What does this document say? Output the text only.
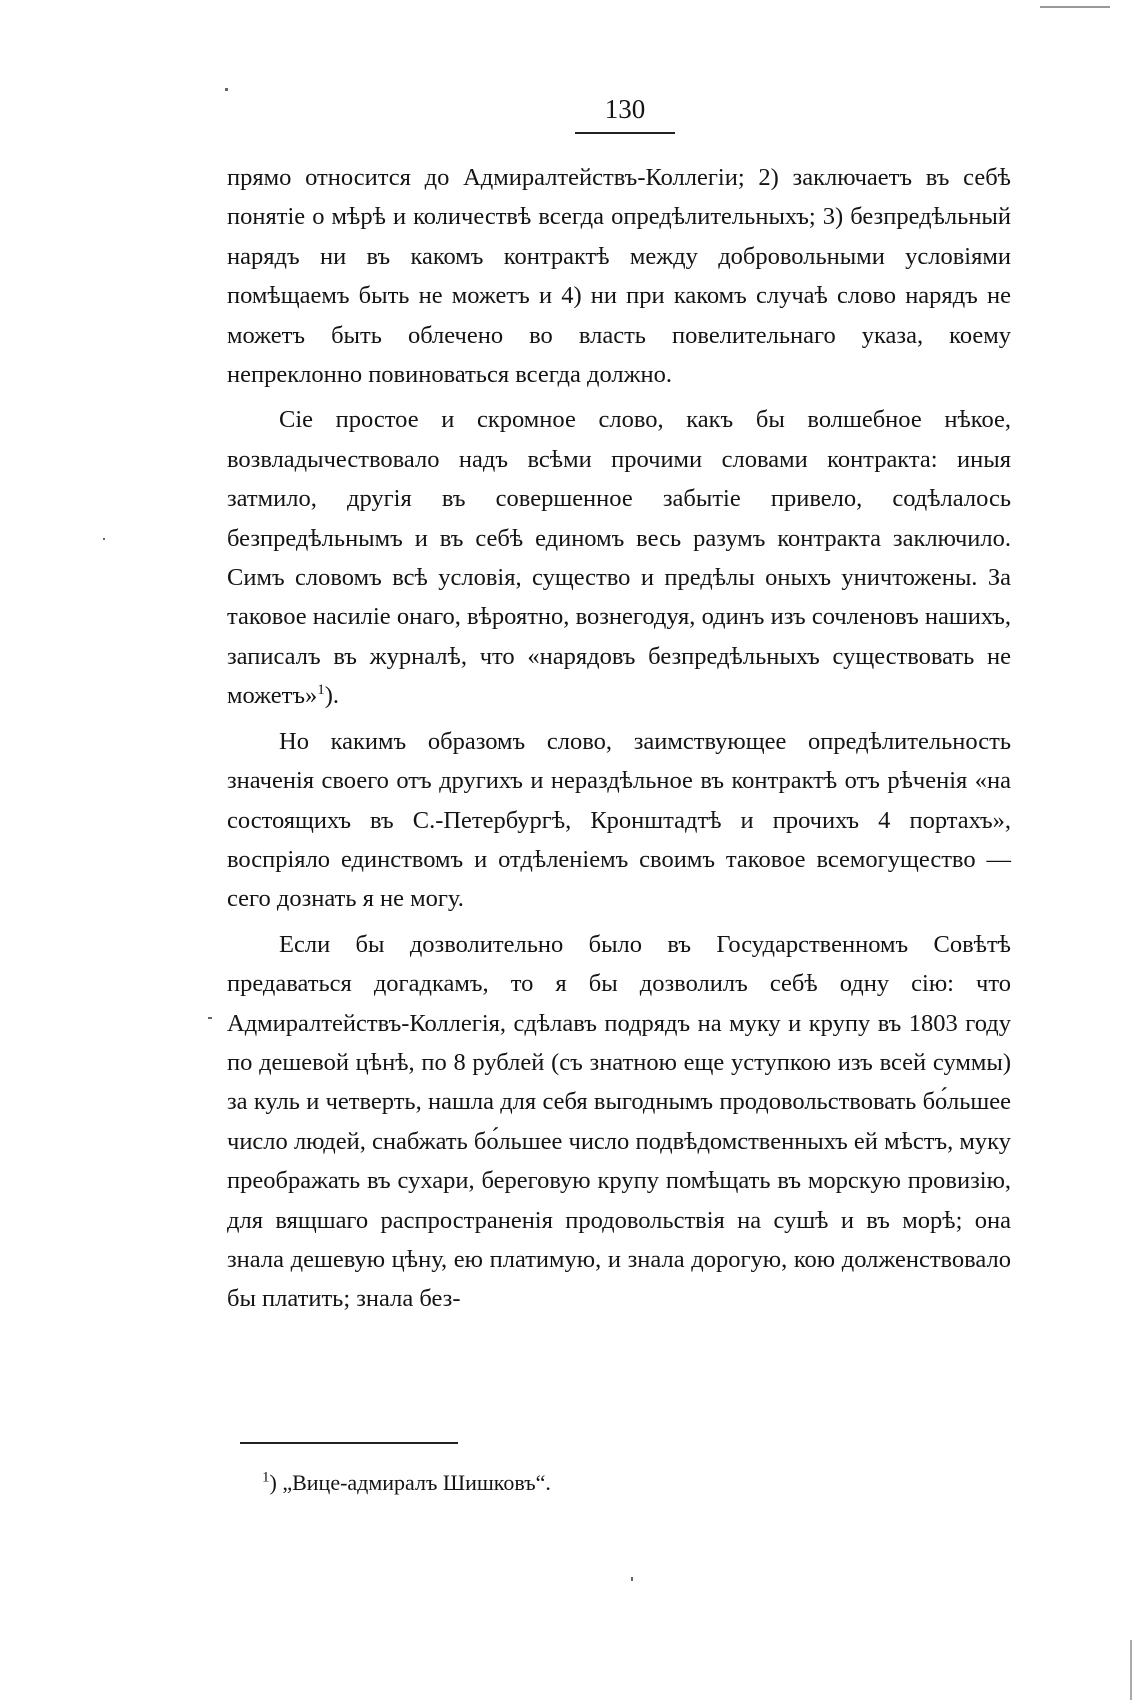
130

прямо относится до Адмиралтействъ-Коллегіи; 2) заключаетъ въ себѣ понятіе о мѣрѣ и количествѣ всегда опредѣлительныхъ; 3) безпредѣльный нарядъ ни въ какомъ контрактѣ между добровольными условіями помѣщаемъ быть не можетъ и 4) ни при какомъ случаѣ слово нарядъ не можетъ быть облечено во власть повелительнаго указа, коему непреклонно повиноваться всегда должно.

Сіе простое и скромное слово, какъ бы волшебное нѣкое, возвладычествовало надъ всѣми прочими словами контракта: иныя затмило, другія въ совершенное забытіе привело, содѣлалось безпредѣльнымъ и въ себѣ единомъ весь разумъ контракта заключило. Симъ словомъ всѣ условія, существо и предѣлы оныхъ уничтожены. За таковое насиліе онаго, вѣроятно, вознегодуя, одинъ изъ сочленовъ нашихъ, записалъ въ журналѣ, что «нарядовъ безпредѣльныхъ существовать не можетъ»$^1$).

Но какимъ образомъ слово, заимствующее опредѣлительность значенія своего отъ другихъ и нераздѣльное въ контрактѣ отъ рѣченія «на состоящихъ въ С.-Петербургѣ, Кронштадтѣ и прочихъ 4 портахъ», воспріяло единствомъ и отдѣленіемъ своимъ таковое всемогущество — сего дознать я не могу.

Если бы дозволительно было въ Государственномъ Совѣтѣ предаваться догадкамъ, то я бы дозволилъ себѣ одну сію: что Адмиралтействъ-Коллегія, сдѣлавъ подрядъ на муку и крупу въ 1803 году по дешевой цѣнѣ, по 8 рублей (съ знатною еще уступкою изъ всей суммы) за куль и четверть, нашла для себя выгоднымъ продовольствовать бо́льшее число людей, снабжать бо́льшее число подвѣдомственныхъ ей мѣстъ, муку преображать въ сухари, береговую крупу помѣщать въ морскую провизію, для вящшаго распространенія продовольствія на сушѣ и въ морѣ; она знала дешевую цѣну, ею платимую, и знала дорогую, кою долженствовало бы платить; знала без-

$^1$) „Вице-адмиралъ Шишковъ“.
